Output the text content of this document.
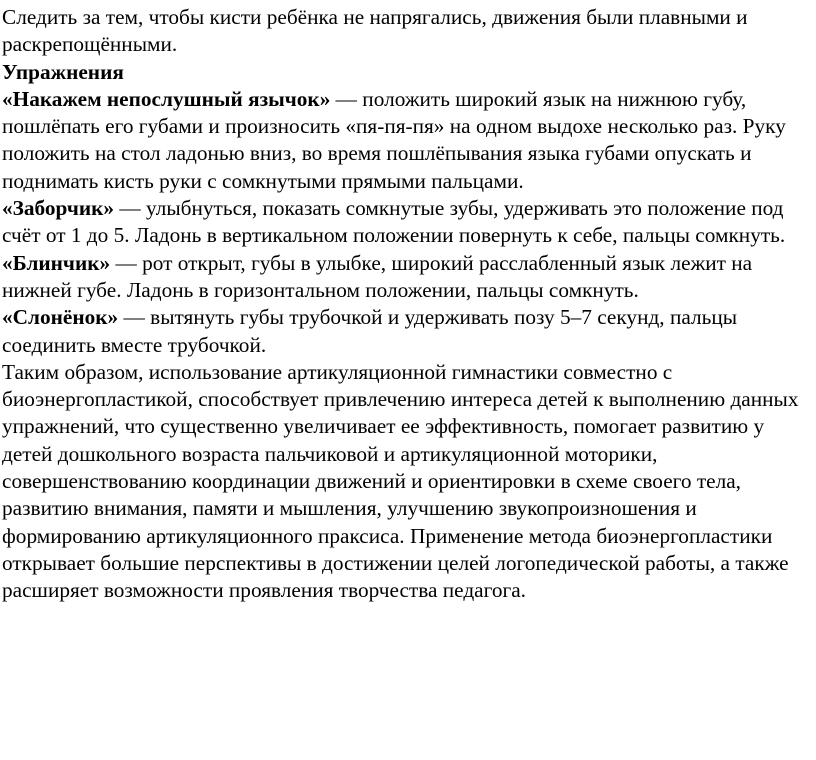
Следить за тем, чтобы кисти ребёнка не напрягались, движения были плавными и раскрепощёнными.

Упражнения

«Накажем непослушный язычок» — положить широкий язык на нижнюю губу, пошлёпать его губами и произносить «пя-пя-пя» на одном выдохе несколько раз. Руку положить на стол ладонью вниз, во время пошлёпывания языка губами опускать и поднимать кисть руки с сомкнутыми прямыми пальцами.

«Заборчик» — улыбнуться, показать сомкнутые зубы, удерживать это положение под счёт от 1 до 5. Ладонь в вертикальном положении повернуть к себе, пальцы сомкнуть.

«Блинчик» — рот открыт, губы в улыбке, широкий расслабленный язык лежит на нижней губе. Ладонь в горизонтальном положении, пальцы сомкнуть.

«Слонёнок» — вытянуть губы трубочкой и удерживать позу 5–7 секунд, пальцы соединить вместе трубочкой.

Таким образом, использование артикуляционной гимнастики совместно с биоэнергопластикой, способствует привлечению интереса детей к выполнению данных упражнений, что существенно увеличивает ее эффективность, помогает развитию у детей дошкольного возраста пальчиковой и артикуляционной моторики, совершенствованию координации движений и ориентировки в схеме своего тела, развитию внимания, памяти и мышления, улучшению звукопроизношения и формированию артикуляционного праксиса. Применение метода биоэнергопластики открывает большие перспективы в достижении целей логопедической работы, а также расширяет возможности проявления творчества педагога.
